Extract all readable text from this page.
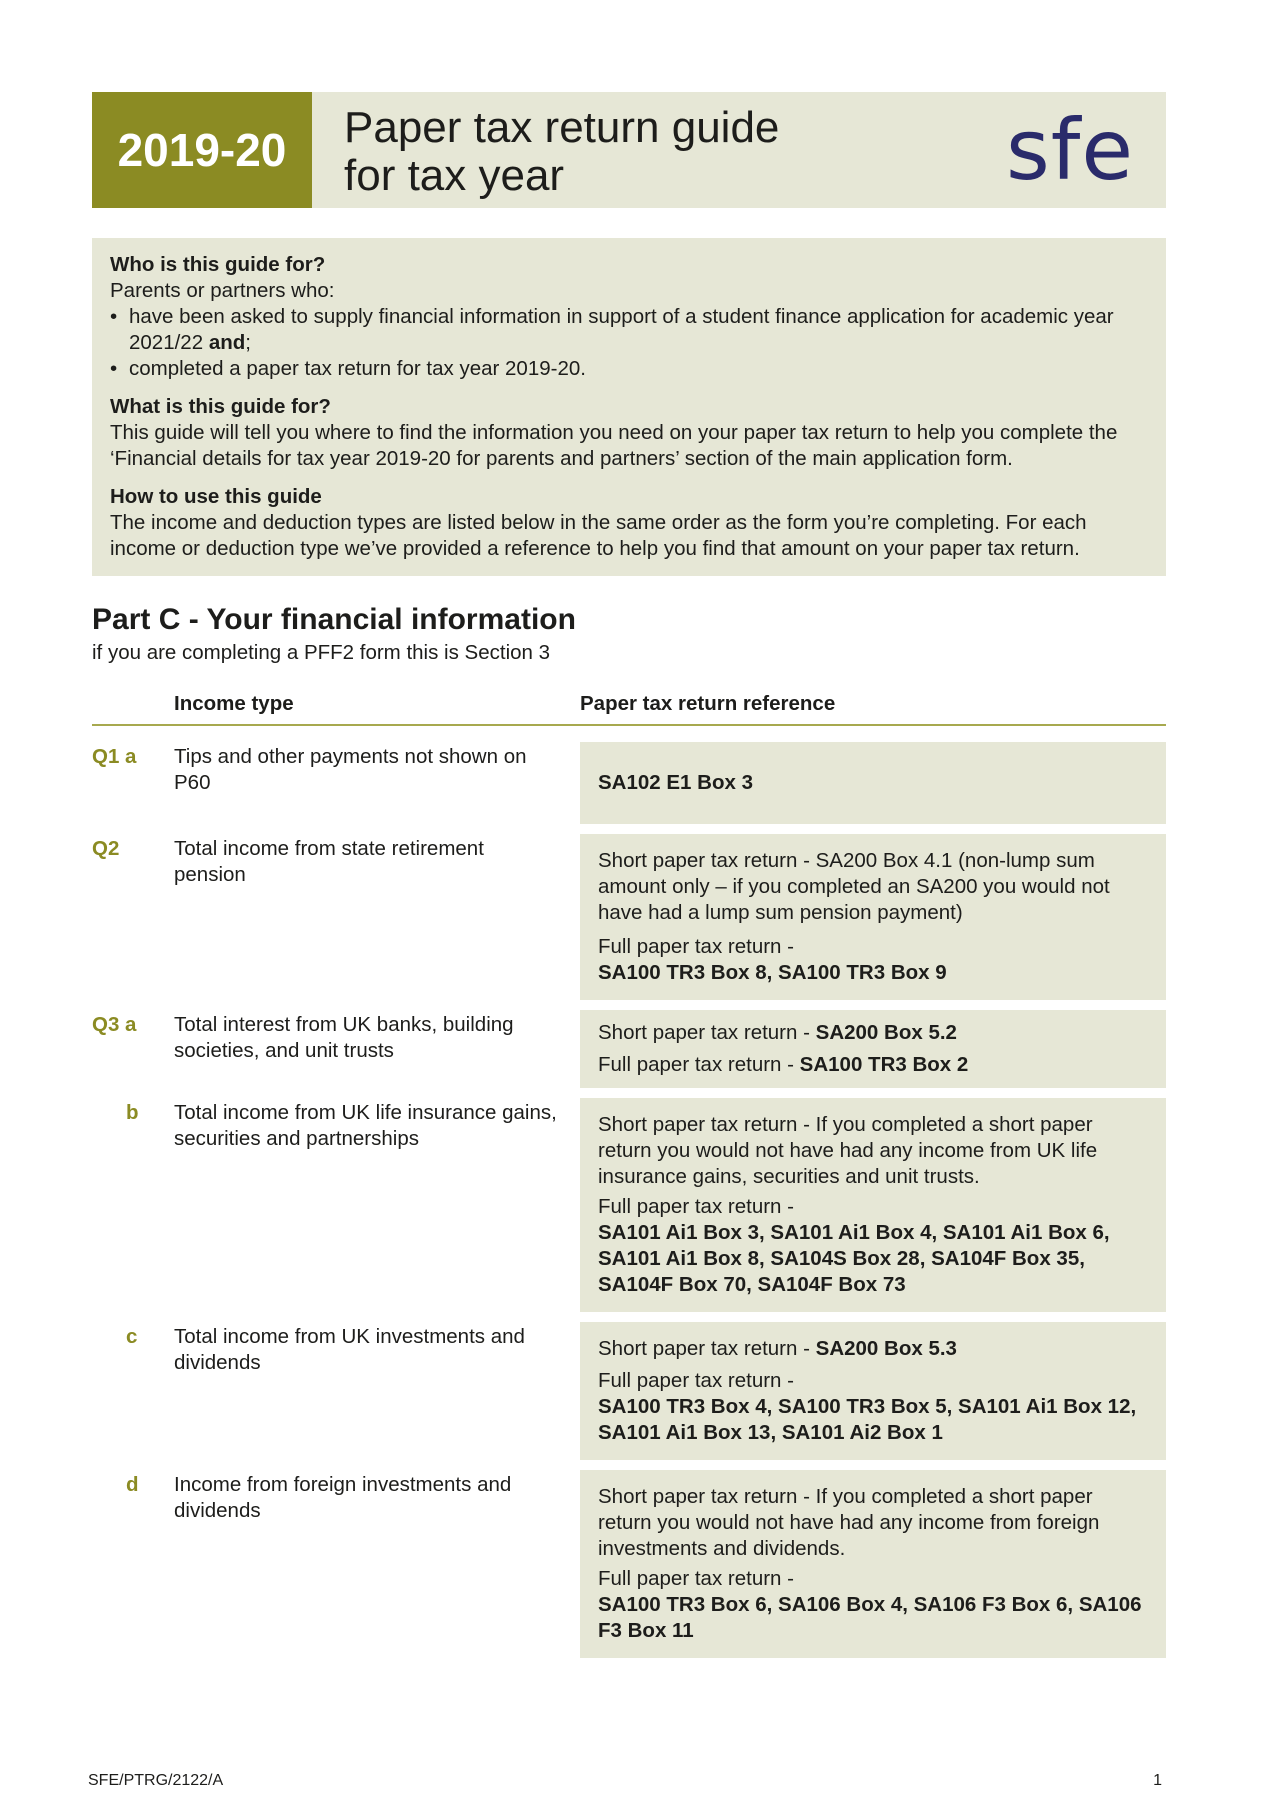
2019-20	Paper tax return guide
for tax year	sfe
Who is this guide for?

Parents or partners who:

• have been asked to supply financial information in support of a student finance application for academic year 2021/22 and;
• completed a paper tax return for tax year 2019-20.
What is this guide for?

This guide will tell you where to find the information you need on your paper tax return to help you complete the ‘Financial details for tax year 2019-20 for parents and partners’ section of the main application form.

How to use this guide

The income and deduction types are listed below in the same order as the form you’re completing. For each income or deduction type we’ve provided a reference to help you find that amount on your paper tax return.

Part C - Your financial information
if you are completing a PFF2 form this is Section 3
Income type	Paper tax return reference
Q1 a	Tips and other payments not shown on P60	SA102 E1 Box 3

Q2	Total income from state retirement pension

Short paper tax return - SA200 Box 4.1 (non-lump sum amount only – if you completed an SA200 you would not have had a lump sum pension payment)

Full paper tax return -

SA100 TR3 Box 8, SA100 TR3 Box 9

Q3 a	Total interest from UK banks, building societies, and unit trusts

Short paper tax return - SA200 Box 5.2

Full paper tax return - SA100 TR3 Box 2

b	Total income from UK life insurance gains, securities and partnerships

Short paper tax return - If you completed a short paper return you would not have had any income from UK life insurance gains, securities and unit trusts.

Full paper tax return -

SA101 Ai1 Box 3, SA101 Ai1 Box 4, SA101 Ai1 Box 6, SA101 Ai1 Box 8, SA104S Box 28, SA104F Box 35, SA104F Box 70, SA104F Box 73

c	Total income from UK investments and dividends

Short paper tax return - SA200 Box 5.3

Full paper tax return -

SA100 TR3 Box 4, SA100 TR3 Box 5, SA101 Ai1 Box 12, SA101 Ai1 Box 13, SA101 Ai2 Box 1

d	Income from foreign investments and dividends

Short paper tax return - If you completed a short paper return you would not have had any income from foreign investments and dividends.

Full paper tax return -

SA100 TR3 Box 6, SA106 Box 4, SA106 F3 Box 6, SA106 F3 Box 11

SFE/PTRG/2122/A	1
